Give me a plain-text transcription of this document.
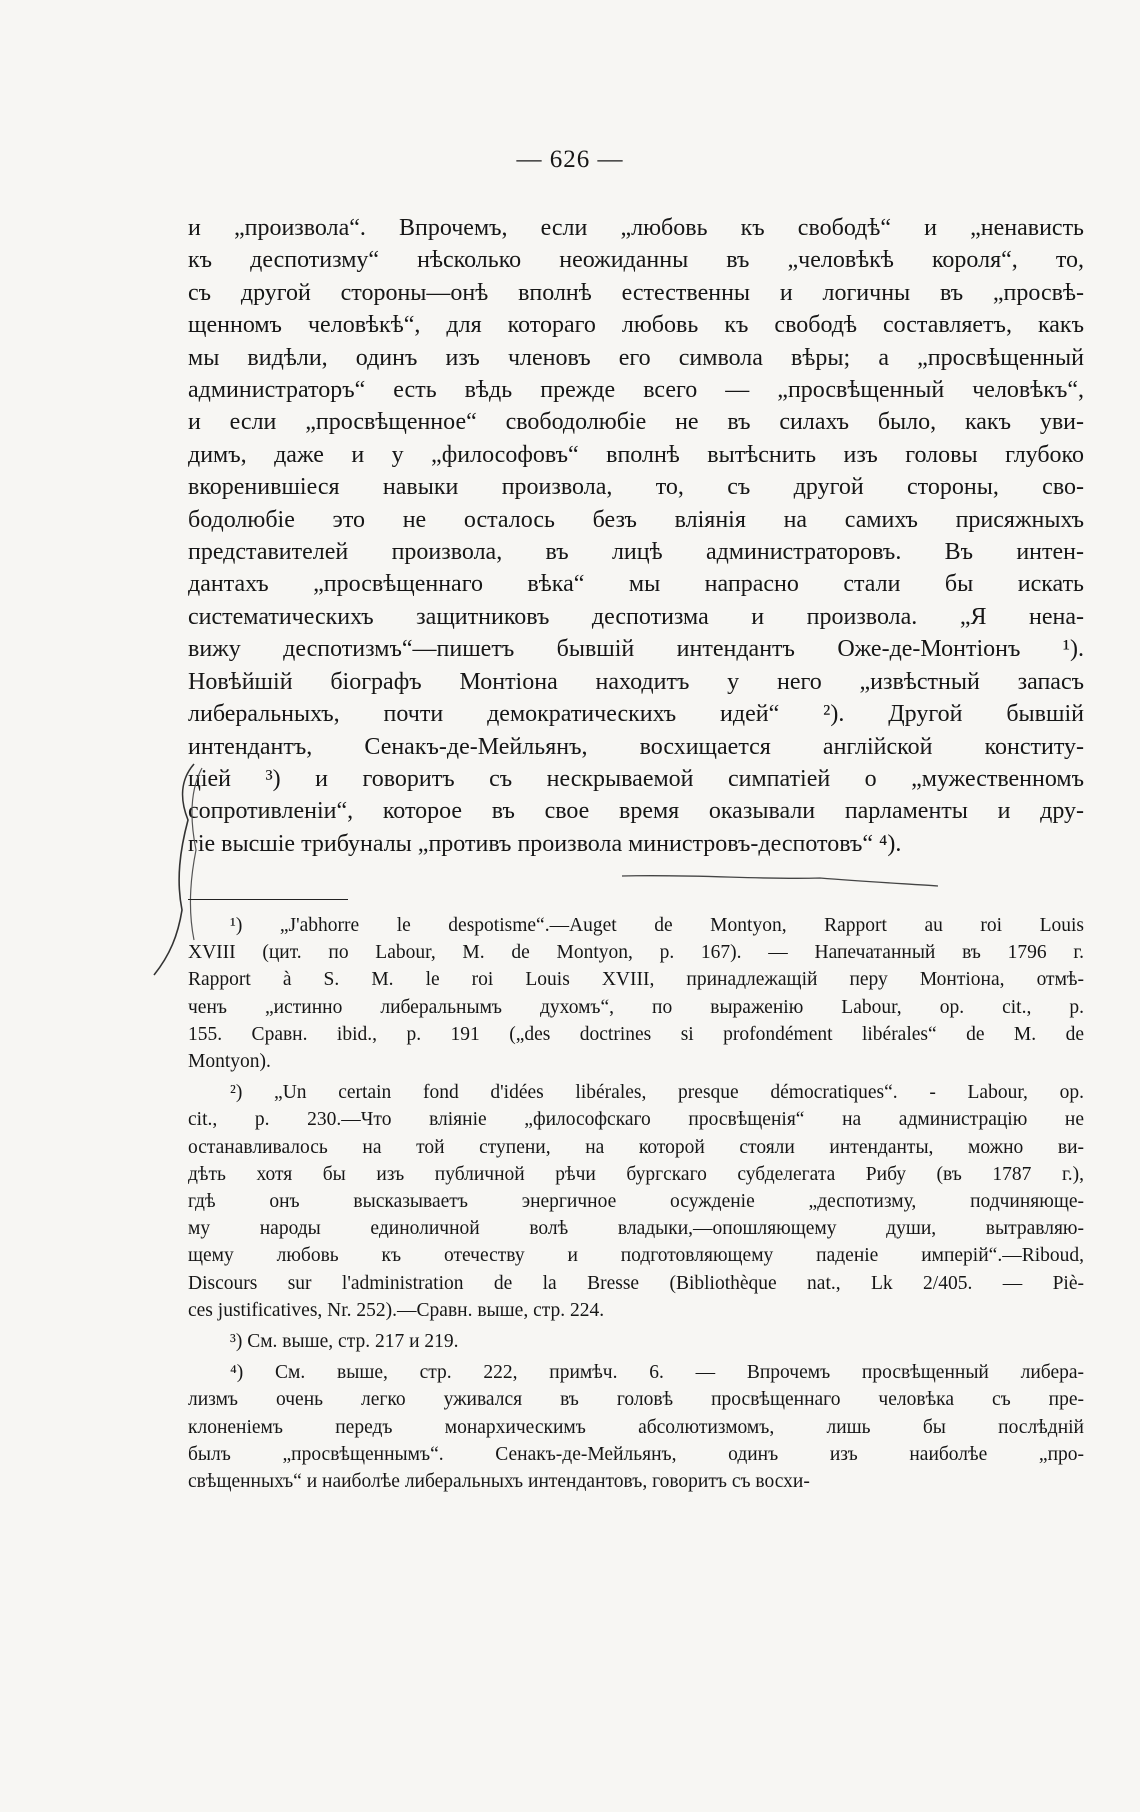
— 626 —
и „произвола“. Впрочемъ, если „любовь къ свободѣ“ и „ненависть
къ деспотизму“ нѣсколько неожиданны въ „человѣкѣ короля“, то,
съ другой стороны—онѣ вполнѣ естественны и логичны въ „просвѣ-
щенномъ человѣкѣ“, для котораго любовь къ свободѣ составляетъ, какъ
мы видѣли, одинъ изъ членовъ его символа вѣры; а „просвѣщенный
администраторъ“ есть вѣдь прежде всего — „просвѣщенный человѣкъ“,
и если „просвѣщенное“ свободолюбіе не въ силахъ было, какъ уви-
димъ, даже и у „философовъ“ вполнѣ вытѣснить изъ головы глубоко
вкоренившіеся навыки произвола, то, съ другой стороны, сво-
бодолюбіе это не осталось безъ вліянія на самихъ присяжныхъ
представителей произвола, въ лицѣ администраторовъ. Въ интен-
дантахъ „просвѣщеннаго вѣка“ мы напрасно стали бы искать
систематическихъ защитниковъ деспотизма и произвола. „Я нена-
вижу деспотизмъ“—пишетъ бывшій интендантъ Оже-де-Монтіонъ ¹).
Новѣйшій біографъ Монтіона находитъ у него „извѣстный запасъ
либеральныхъ, почти демократическихъ идей“ ²). Другой бывшій
интендантъ, Сенакъ-де-Мейльянъ, восхищается англійской конститу-
ціей ³) и говоритъ съ нескрываемой симпатіей о „мужественномъ
сопротивленіи“, которое въ свое время оказывали парламенты и дру-
гіе высшіе трибуналы „противъ произвола министровъ-деспотовъ“ ⁴).
¹) „J'abhorre le despotisme“.—Auget de Montyon, Rapport au roi Louis
XVIII (цит. по Labour, M. de Montyon, p. 167). — Напечатанный въ 1796 г.
Rapport à S. M. le roi Louis XVIII, принадлежащій перу Монтіона, отмѣ-
ченъ „истинно либеральнымъ духомъ“, по выраженію Labour, op. cit., p.
155. Сравн. ibid., p. 191 („des doctrines si profondément libérales“ de M. de
Montyon).
²) „Un certain fond d'idées libérales, presque démocratiques“. - Labour, op.
cit., p. 230.—Что вліяніе „философскаго просвѣщенія“ на администрацію не
останавливалось на той ступени, на которой стояли интенданты, можно ви-
дѣть хотя бы изъ публичной рѣчи бургскаго субделегата Рибу (въ 1787 г.),
гдѣ онъ высказываетъ энергичное осужденіе „деспотизму, подчиняюще-
му народы единоличной волѣ владыки,—опошляющему души, вытравляю-
щему любовь къ отечеству и подготовляющему паденіе имперій“.—Riboud,
Discours sur l'administration de la Bresse (Bibliothèque nat., Lk 2/405. — Piè-
ces justificatives, Nr. 252).—Сравн. выше, стр. 224.
³) См. выше, стр. 217 и 219.
⁴) См. выше, стр. 222, примѣч. 6. — Впрочемъ просвѣщенный либера-
лизмъ очень легко уживался въ головѣ просвѣщеннаго человѣка съ пре-
клоненіемъ передъ монархическимъ абсолютизмомъ, лишь бы послѣдній
былъ „просвѣщеннымъ“. Сенакъ-де-Мейльянъ, одинъ изъ наиболѣе „про-
свѣщенныхъ“ и наиболѣе либеральныхъ интендантовъ, говоритъ съ восхи-
